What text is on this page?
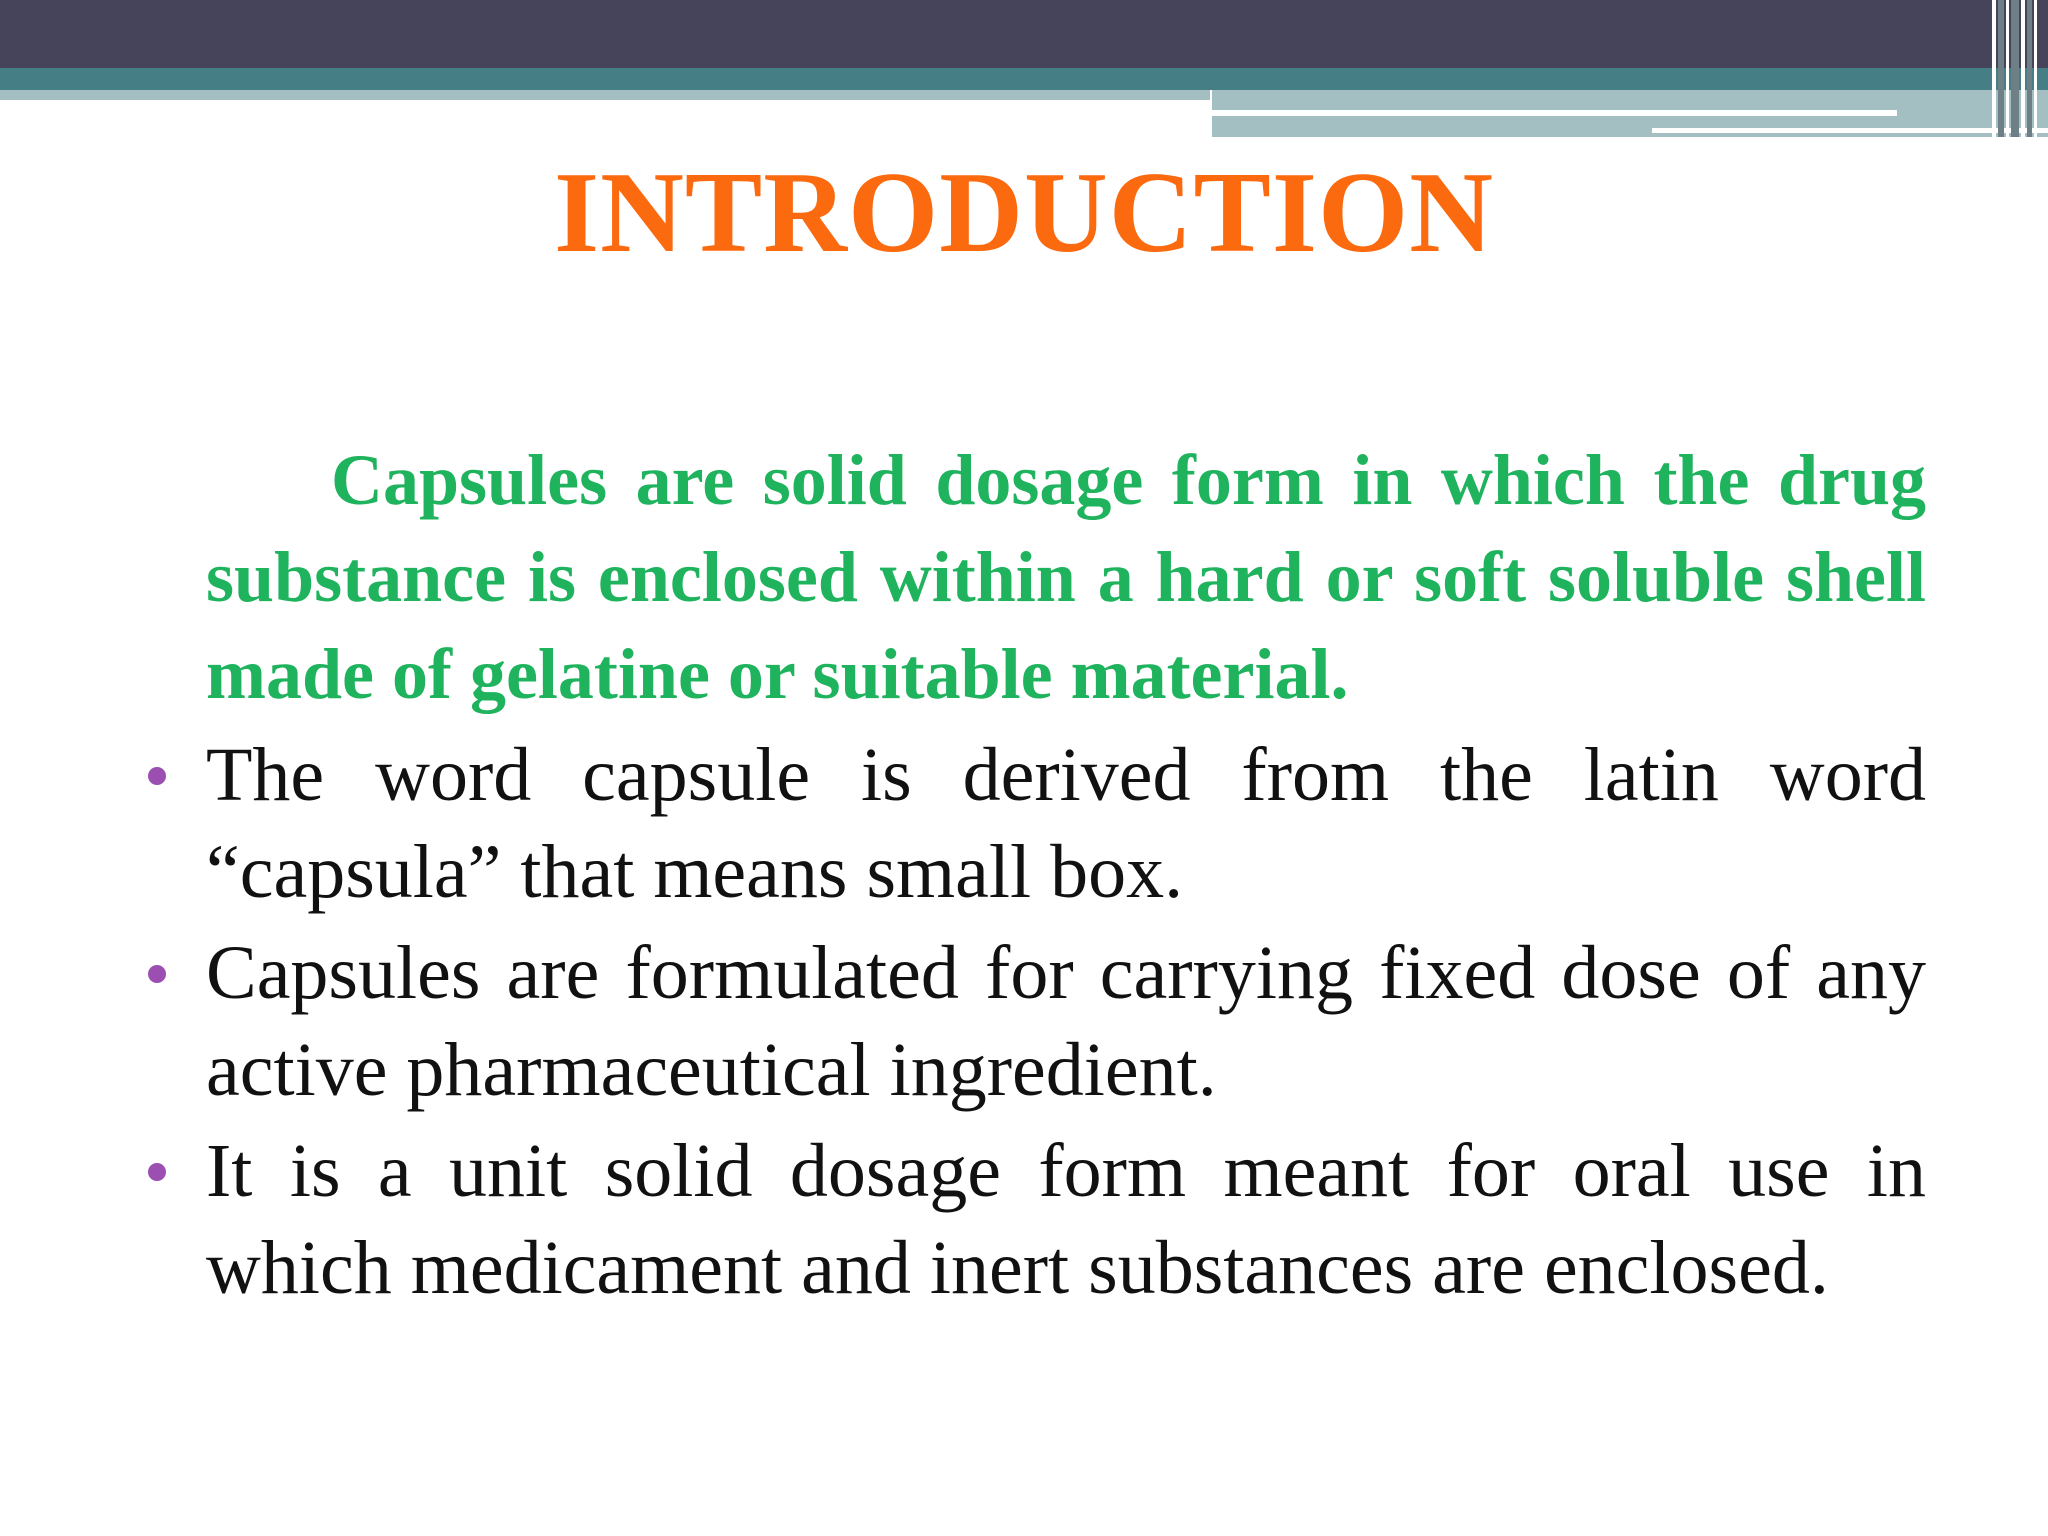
INTRODUCTION

Capsules are solid dosage form in which the drug substance is enclosed within a hard or soft soluble shell made of gelatine or suitable material.

The word capsule is derived from the latin word “capsula” that means small box.
Capsules are formulated for carrying fixed dose of any active pharmaceutical ingredient.
It is a unit solid dosage form meant for oral use in which medicament and inert substances are enclosed.
